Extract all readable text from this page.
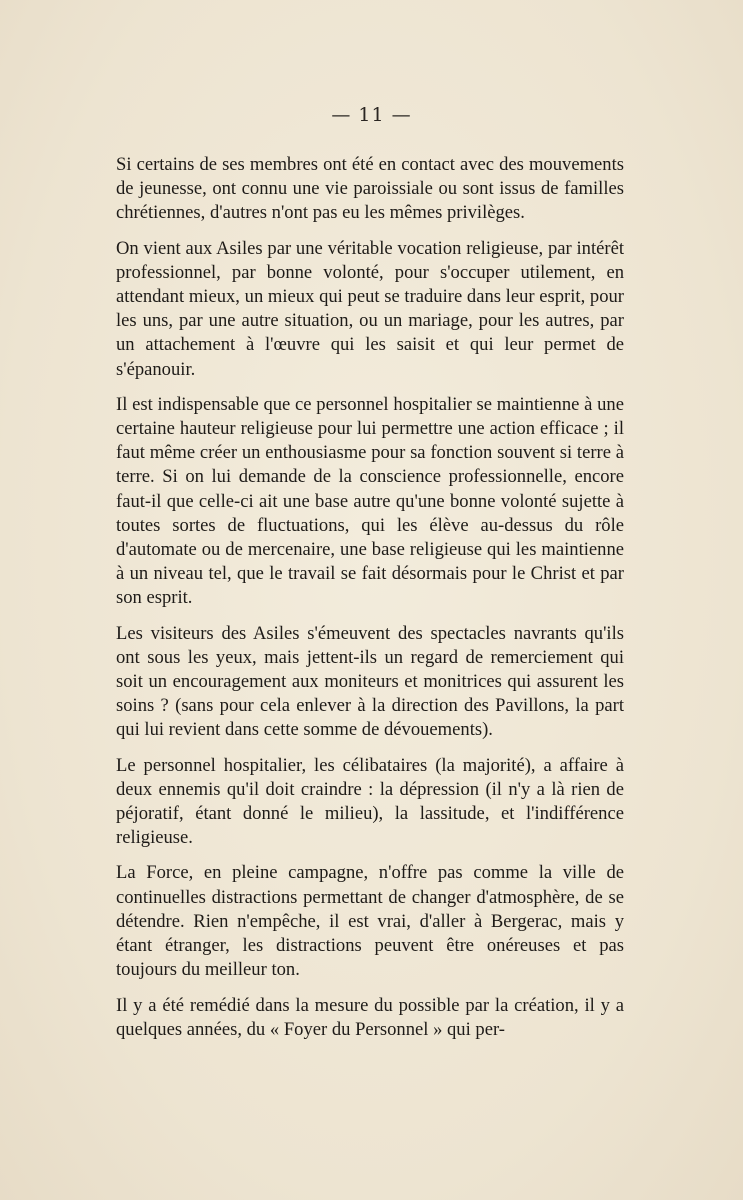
— 11 —

Si certains de ses membres ont été en contact avec des mouvements de jeunesse, ont connu une vie paroissiale ou sont issus de familles chrétiennes, d'autres n'ont pas eu les mêmes privilèges.

On vient aux Asiles par une véritable vocation religieuse, par intérêt professionnel, par bonne volonté, pour s'occuper utilement, en attendant mieux, un mieux qui peut se traduire dans leur esprit, pour les uns, par une autre situation, ou un mariage, pour les autres, par un attachement à l'œuvre qui les saisit et qui leur permet de s'épanouir.

Il est indispensable que ce personnel hospitalier se maintienne à une certaine hauteur religieuse pour lui permettre une action efficace ; il faut même créer un enthousiasme pour sa fonction souvent si terre à terre. Si on lui demande de la conscience professionnelle, encore faut-il que celle-ci ait une base autre qu'une bonne volonté sujette à toutes sortes de fluctuations, qui les élève au-dessus du rôle d'automate ou de mercenaire, une base religieuse qui les maintienne à un niveau tel, que le travail se fait désormais pour le Christ et par son esprit.

Les visiteurs des Asiles s'émeuvent des spectacles navrants qu'ils ont sous les yeux, mais jettent-ils un regard de remerciement qui soit un encouragement aux moniteurs et monitrices qui assurent les soins ? (sans pour cela enlever à la direction des Pavillons, la part qui lui revient dans cette somme de dévouements).

Le personnel hospitalier, les célibataires (la majorité), a affaire à deux ennemis qu'il doit craindre : la dépression (il n'y a là rien de péjoratif, étant donné le milieu), la lassitude, et l'indifférence religieuse.

La Force, en pleine campagne, n'offre pas comme la ville de continuelles distractions permettant de changer d'atmosphère, de se détendre. Rien n'empêche, il est vrai, d'aller à Bergerac, mais y étant étranger, les distractions peuvent être onéreuses et pas toujours du meilleur ton.

Il y a été remédié dans la mesure du possible par la création, il y a quelques années, du « Foyer du Personnel » qui per-
